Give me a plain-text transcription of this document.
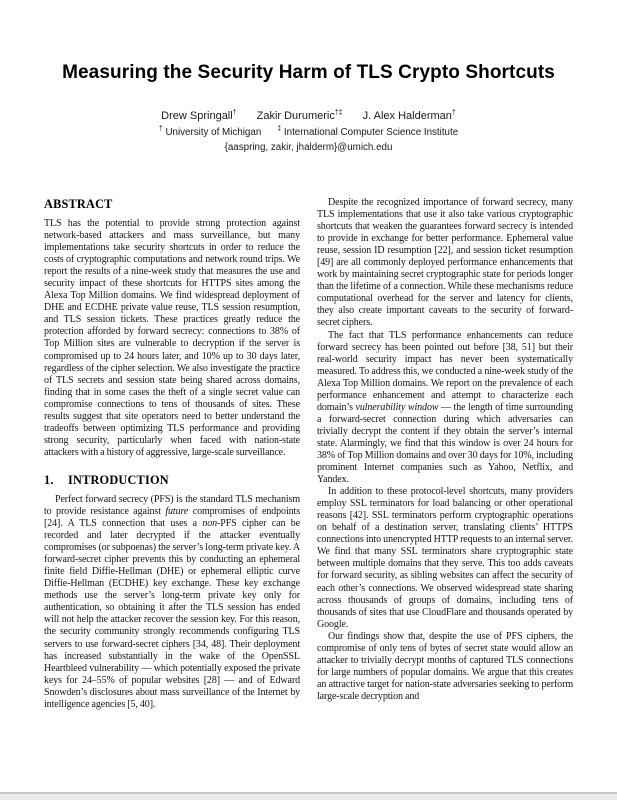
Measuring the Security Harm of TLS Crypto Shortcuts
Drew Springall† Zakir Durumeric†‡ J. Alex Halderman†
† University of Michigan ‡ International Computer Science Institute
{aaspring, zakir, jhalderm}@umich.edu
ABSTRACT

TLS has the potential to provide strong protection against network-based attackers and mass surveillance, but many implementations take security shortcuts in order to reduce the costs of cryptographic computations and network round trips. We report the results of a nine-week study that measures the use and security impact of these shortcuts for HTTPS sites among the Alexa Top Million domains. We find widespread deployment of DHE and ECDHE private value reuse, TLS session resumption, and TLS session tickets. These practices greatly reduce the protection afforded by forward secrecy: connections to 38% of Top Million sites are vulnerable to decryption if the server is compromised up to 24 hours later, and 10% up to 30 days later, regardless of the cipher selection. We also investigate the practice of TLS secrets and session state being shared across domains, finding that in some cases the theft of a single secret value can compromise connections to tens of thousands of sites. These results suggest that site operators need to better understand the tradeoffs between optimizing TLS performance and providing strong security, particularly when faced with nation-state attackers with a history of aggressive, large-scale surveillance.

1. INTRODUCTION

Perfect forward secrecy (PFS) is the standard TLS mechanism to provide resistance against future compromises of endpoints [24]. A TLS connection that uses a non-PFS cipher can be recorded and later decrypted if the attacker eventually compromises (or subpoenas) the server’s long-term private key. A forward-secret cipher prevents this by conducting an ephemeral finite field Diffie-Hellman (DHE) or ephemeral elliptic curve Diffie-Hellman (ECDHE) key exchange. These key exchange methods use the server’s long-term private key only for authentication, so obtaining it after the TLS session has ended will not help the attacker recover the session key. For this reason, the security community strongly recommends configuring TLS servers to use forward-secret ciphers [34, 48]. Their deployment has increased substantially in the wake of the OpenSSL Heartbleed vulnerability — which potentially exposed the private keys for 24–55% of popular websites [28] — and of Edward Snowden’s disclosures about mass surveillance of the Internet by intelligence agencies [5, 40].

Despite the recognized importance of forward secrecy, many TLS implementations that use it also take various cryptographic shortcuts that weaken the guarantees forward secrecy is intended to provide in exchange for better performance. Ephemeral value reuse, session ID resumption [22], and session ticket resumption [49] are all commonly deployed performance enhancements that work by maintaining secret cryptographic state for periods longer than the lifetime of a connection. While these mechanisms reduce computational overhead for the server and latency for clients, they also create important caveats to the security of forward-secret ciphers.

The fact that TLS performance enhancements can reduce forward secrecy has been pointed out before [38, 51] but their real-world security impact has never been systematically measured. To address this, we conducted a nine-week study of the Alexa Top Million domains. We report on the prevalence of each performance enhancement and attempt to characterize each domain’s vulnerability window — the length of time surrounding a forward-secret connection during which adversaries can trivially decrypt the content if they obtain the server’s internal state. Alarmingly, we find that this window is over 24 hours for 38% of Top Million domains and over 30 days for 10%, including prominent Internet companies such as Yahoo, Netflix, and Yandex.

In addition to these protocol-level shortcuts, many providers employ SSL terminators for load balancing or other operational reasons [42]. SSL terminators perform cryptographic operations on behalf of a destination server, translating clients’ HTTPS connections into unencrypted HTTP requests to an internal server. We find that many SSL terminators share cryptographic state between multiple domains that they serve. This too adds caveats for forward security, as sibling websites can affect the security of each other’s connections. We observed widespread state sharing across thousands of groups of domains, including tens of thousands of sites that use CloudFlare and thousands operated by Google.

Our findings show that, despite the use of PFS ciphers, the compromise of only tens of bytes of secret state would allow an attacker to trivially decrypt months of captured TLS connections for large numbers of popular domains. We argue that this creates an attractive target for nation-state adversaries seeking to perform large-scale decryption and
